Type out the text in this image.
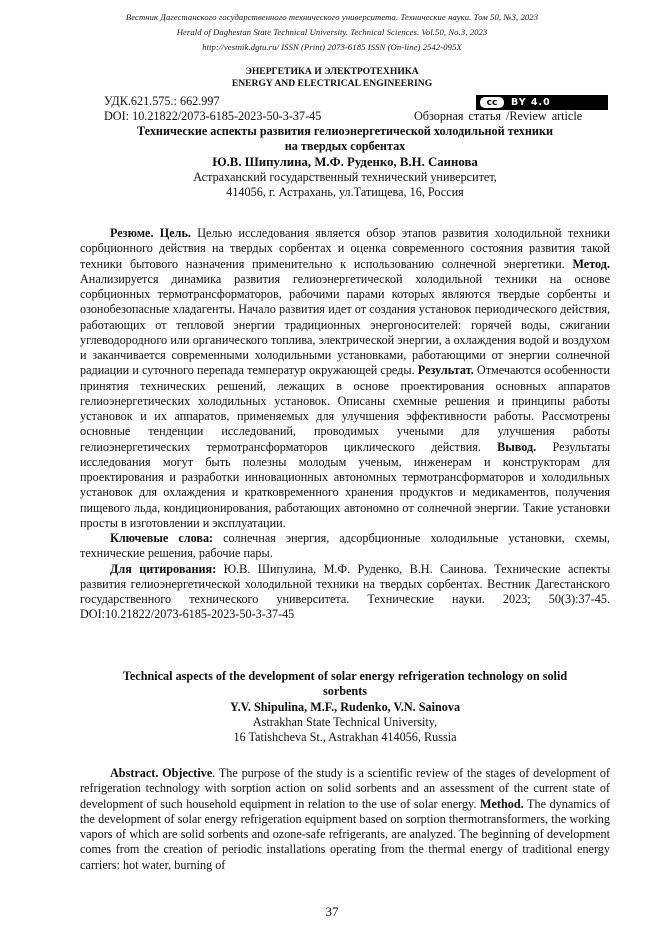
Вестник Дагестанского государственного технического университета. Технические науки. Том 50, №3, 2023
Herald of Daghestan State Technical University. Technical Sciences. Vol.50, No.3, 2023
http://vestnik.dgtu.ru/ ISSN (Print) 2073-6185 ISSN (On-line) 2542-095X
ЭНЕРГЕТИКА И ЭЛЕКТРОТЕХНИКА
ENERGY AND ELECTRICAL ENGINEERING
УДК.621.575.: 662.997	cc	BY 4.0
DOI: 10.21822/2073-6185-2023-50-3-37-45	Обзорная статья /Review article
Технические аспекты развития гелиоэнергетической холодильной техники
на твердых сорбентах
Ю.В. Шипулина, М.Ф. Руденко, В.Н. Саинова
Астраханский государственный технический университет,
414056, г. Астрахань, ул.Татищева, 16, Россия

Резюме. Цель. Целью исследования является обзор этапов развития холодильной техники сорбционного действия на твердых сорбентах и оценка современного состояния развития такой техники бытового назначения применительно к использованию солнечной энергетики. Метод. Анализируется динамика развития гелиоэнергетической холодильной техники на основе сорбционных термотрансформаторов, рабочими парами которых являются твердые сорбенты и озонобезопасные хладагенты. Начало развития идет от создания установок периодического действия, работающих от тепловой энергии традиционных энергоносителей: горячей воды, сжигании углеводородного или органического топлива, электрической энергии, а охлаждения водой и воздухом и заканчивается современными холодильными установками, работающими от энергии солнечной радиации и суточного перепада температур окружающей среды. Результат. Отмечаются особенности принятия технических решений, лежащих в основе проектирования основных аппаратов гелиоэнергетических холодильных установок. Описаны схемные решения и принципы работы установок и их аппаратов, применяемых для улучшения эффективности работы. Рассмотрены основные тенденции исследований, проводимых учеными для улучшения работы гелиоэнергетических термотрансформаторов циклического действия. Вывод. Результаты исследования могут быть полезны молодым ученым, инженерам и конструкторам для проектирования и разработки инновационных автономных термотрансформаторов и холодильных установок для охлаждения и кратковременного хранения продуктов и медикаментов, получения пищевого льда, кондиционирования, работающих автономно от солнечной энергии. Такие установки просты в изготовлении и эксплуатации.

Ключевые слова: солнечная энергия, адсорбционные холодильные установки, схемы, технические решения, рабочие пары.

Для цитирования: Ю.В. Шипулина, М.Ф. Руденко, В.Н. Саинова. Технические аспекты развития гелиоэнергетической холодильной техники на твердых сорбентах. Вестник Дагестанского государственного технического университета. Технические науки. 2023; 50(3):37-45. DOI:10.21822/2073-6185-2023-50-3-37-45

Technical aspects of the development of solar energy refrigeration technology on solid
sorbents
Y.V. Shipulina, M.F., Rudenko, V.N. Sainova
Astrakhan State Technical University,
16 Tatishcheva St., Astrakhan 414056, Russia

Abstract. Objective. The purpose of the study is a scientific review of the stages of development of refrigeration technology with sorption action on solid sorbents and an assessment of the current state of development of such household equipment in relation to the use of solar energy. Method. The dynamics of the development of solar energy refrigeration equipment based on sorption thermotransformers, the working vapors of which are solid sorbents and ozone-safe refrigerants, are analyzed. The beginning of development comes from the creation of periodic installations operating from the thermal energy of traditional energy carriers: hot water, burning of

37
